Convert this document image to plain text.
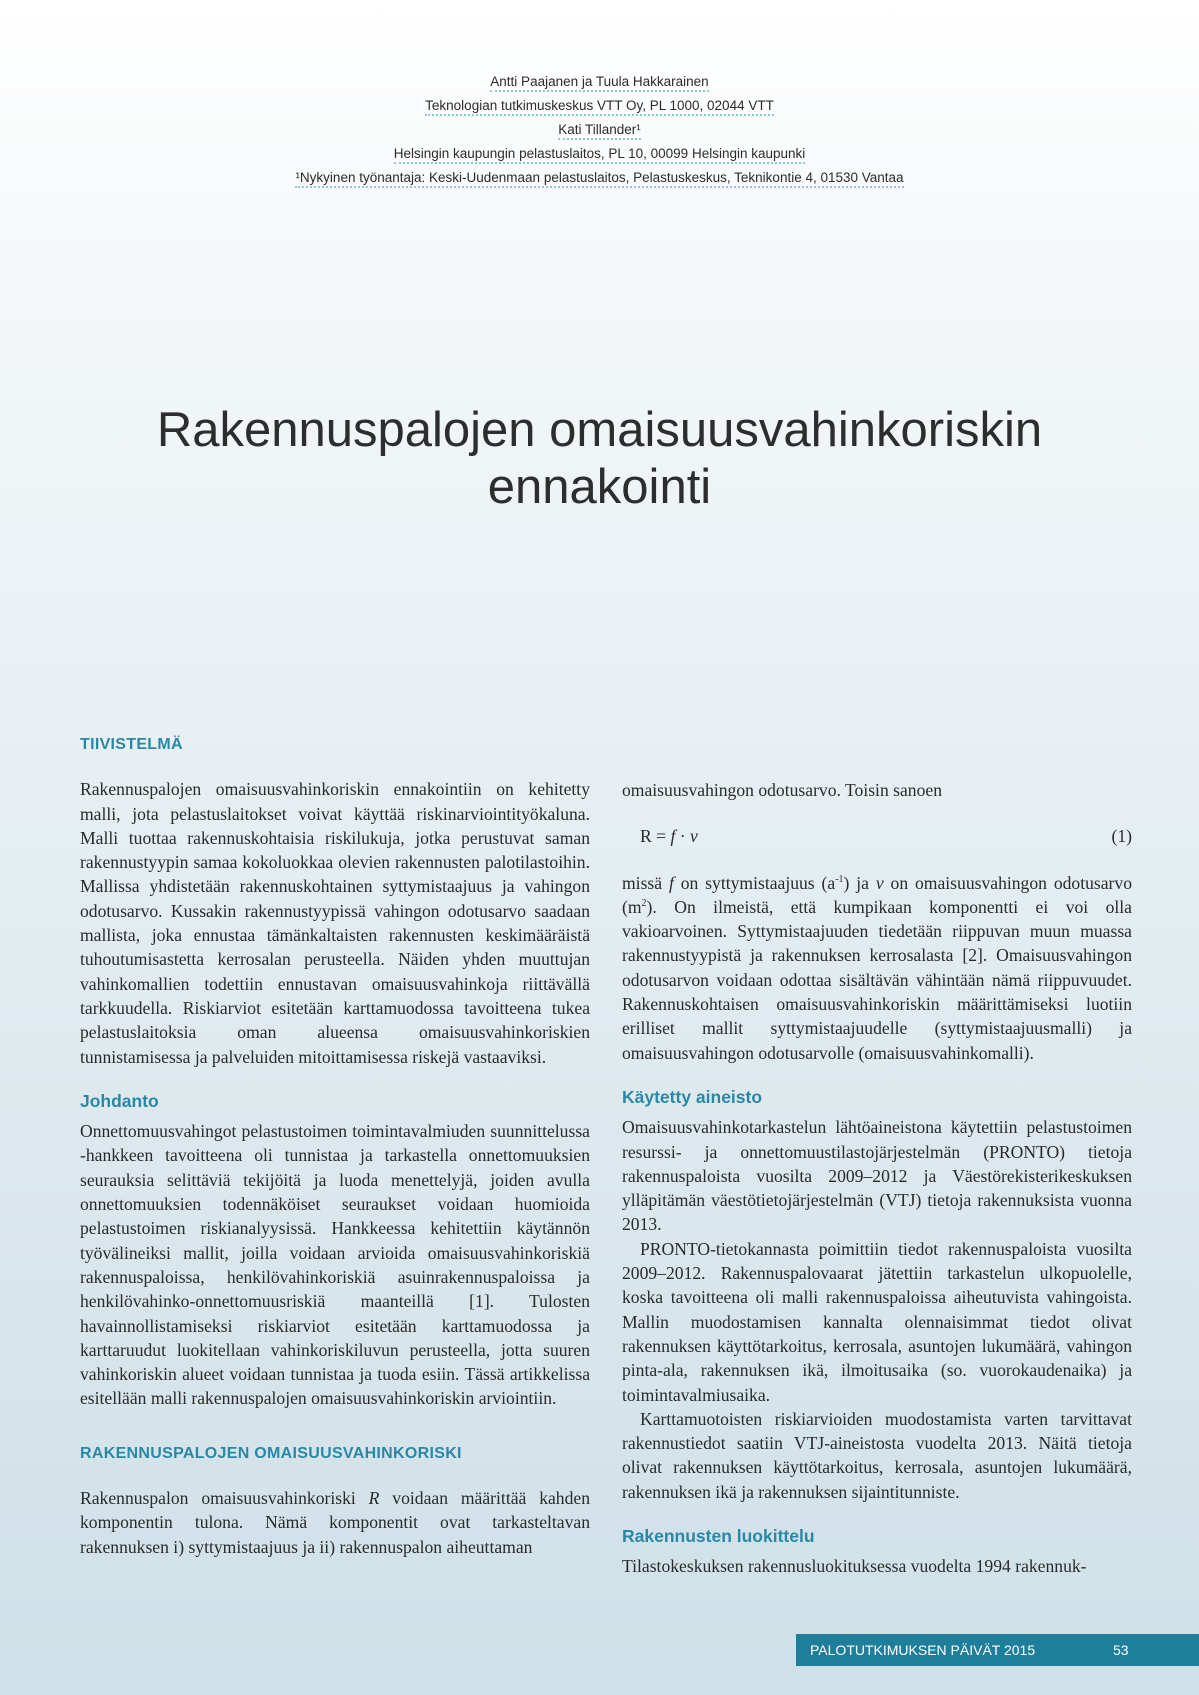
Antti Paajanen ja Tuula Hakkarainen
Teknologian tutkimuskeskus VTT Oy, PL 1000, 02044 VTT
Kati Tillander¹
Helsingin kaupungin pelastuslaitos, PL 10, 00099 Helsingin kaupunki
¹Nykyinen työnantaja: Keski-Uudenmaan pelastuslaitos, Pelastuskeskus, Teknikontie 4, 01530 Vantaa
Rakennuspalojen omaisuusvahinkoriskin
ennakointi
TIIVISTELMÄ

Rakennuspalojen omaisuusvahinkoriskin ennakointiin on kehitetty malli, jota pelastuslaitokset voivat käyttää riskinarviointityökaluna. Malli tuottaa rakennuskohtaisia riskilukuja, jotka perustuvat saman rakennustyypin samaa kokoluokkaa olevien rakennusten palotilastoihin. Mallissa yhdistetään rakennuskohtainen syttymistaajuus ja vahingon odotusarvo. Kussakin rakennustyypissä vahingon odotusarvo saadaan mallista, joka ennustaa tämänkaltaisten rakennusten keskimääräistä tuhoutumisastetta kerrosalan perusteella. Näiden yhden muuttujan vahinkomallien todettiin ennustavan omaisuusvahinkoja riittävällä tarkkuudella. Riskiarviot esitetään karttamuodossa tavoitteena tukea pelastuslaitoksia oman alueensa omaisuusvahinkoriskien tunnistamisessa ja palveluiden mitoittamisessa riskejä vastaaviksi.

Johdanto

Onnettomuusvahingot pelastustoimen toimintavalmiuden suunnittelussa -hankkeen tavoitteena oli tunnistaa ja tarkastella onnettomuuksien seurauksia selittäviä tekijöitä ja luoda menettelyjä, joiden avulla onnettomuuksien todennäköiset seuraukset voidaan huomioida pelastustoimen riskianalyysissä. Hankkeessa kehitettiin käytännön työvälineiksi mallit, joilla voidaan arvioida omaisuusvahinkoriskiä rakennuspaloissa, henkilövahinkoriskiä asuinrakennuspaloissa ja henkilövahinko-onnettomuusriskiä maanteillä [1]. Tulosten havainnollistamiseksi riskiarviot esitetään karttamuodossa ja karttaruudut luokitellaan vahinkoriskiluvun perusteella, jotta suuren vahinkoriskin alueet voidaan tunnistaa ja tuoda esiin. Tässä artikkelissa esitellään malli rakennuspalojen omaisuusvahinkoriskin arviointiin.

RAKENNUSPALOJEN OMAISUUSVAHINKORISKI

Rakennuspalon omaisuusvahinkoriski R voidaan määrittää kahden komponentin tulona. Nämä komponentit ovat tarkasteltavan rakennuksen i) syttymistaajuus ja ii) rakennuspalon aiheuttaman

omaisuusvahingon odotusarvo. Toisin sanoen

R = f · v	(1)

missä f on syttymistaajuus $(a^{-1})$ ja v on omaisuusvahingon odotusarvo $(m^2)$. On ilmeistä, että kumpikaan komponentti ei voi olla vakioarvoinen. Syttymistaajuuden tiedetään riippuvan muun muassa rakennustyypistä ja rakennuksen kerrosalasta [2]. Omaisuusvahingon odotusarvon voidaan odottaa sisältävän vähintään nämä riippuvuudet. Rakennuskohtaisen omaisuusvahinkoriskin määrittämiseksi luotiin erilliset mallit syttymistaajuudelle (syttymistaajuusmalli) ja omaisuusvahingon odotusarvolle (omaisuusvahinkomalli).

Käytetty aineisto

Omaisuusvahinkotarkastelun lähtöaineistona käytettiin pelastustoimen resurssi- ja onnettomuustilastojärjestelmän (PRONTO) tietoja rakennuspaloista vuosilta 2009–2012 ja Väestörekisterikeskuksen ylläpitämän väestötietojärjestelmän (VTJ) tietoja rakennuksista vuonna 2013.

PRONTO-tietokannasta poimittiin tiedot rakennuspaloista vuosilta 2009–2012. Rakennuspalovaarat jätettiin tarkastelun ulkopuolelle, koska tavoitteena oli malli rakennuspaloissa aiheutuvista vahingoista. Mallin muodostamisen kannalta olennaisimmat tiedot olivat rakennuksen käyttötarkoitus, kerrosala, asuntojen lukumäärä, vahingon pinta-ala, rakennuksen ikä, ilmoitusaika (so. vuorokaudenaika) ja toimintavalmiusaika.

Karttamuotoisten riskiarvioiden muodostamista varten tarvittavat rakennustiedot saatiin VTJ-aineistosta vuodelta 2013. Näitä tietoja olivat rakennuksen käyttötarkoitus, kerrosala, asuntojen lukumäärä, rakennuksen ikä ja rakennuksen sijaintitunniste.

Rakennusten luokittelu

Tilastokeskuksen rakennusluokituksessa vuodelta 1994 rakennuk-

PALOTUTKIMUKSEN PÄIVÄT 2015	53
